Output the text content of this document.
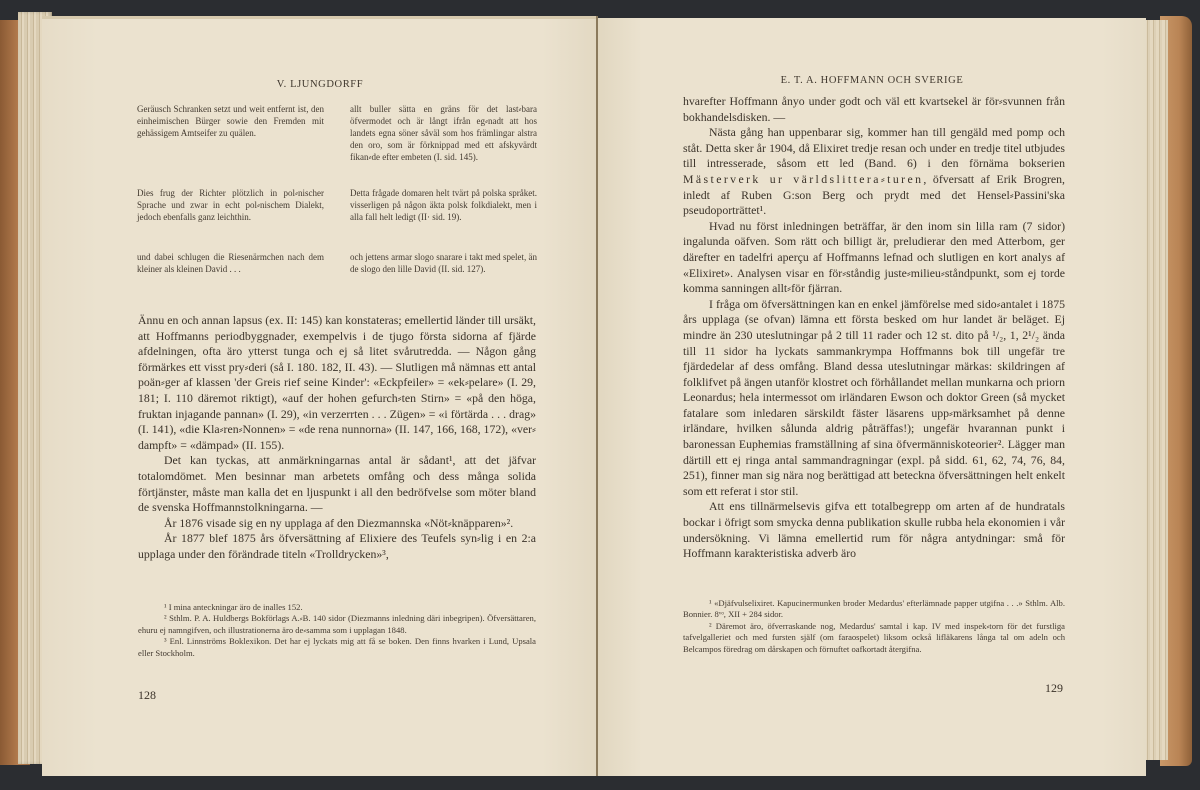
V. LJUNGDORFF
Geräusch Schranken setzt und weit entfernt ist, den einheimischen Bürger sowie den Fremden mit gehässigem Amtseifer zu quälen.
allt buller sätta en gräns för det last⸗bara öfvermodet och är långt ifrån eg⸗nadt att hos landets egna söner såväl som hos främlingar alstra den oro, som är förknippad med ett afskyvärdt fikan⸗de efter embeten (I. sid. 145).
Dies frug der Richter plötzlich in pol⸗nischer Sprache und zwar in echt pol⸗nischem Dialekt, jedoch ebenfalls ganz leichthin.
Detta frågade domaren helt tvärt på polska språket. visserligen på någon äkta polsk folkdialekt, men i alla fall helt ledigt (II· sid. 19).
und dabei schlugen die Riesenärmchen nach dem kleiner als kleinen David . . .
och jettens armar slogo snarare i takt med spelet, än de slogo den lille David (II. sid. 127).

Ännu en och annan lapsus (ex. II: 145) kan konstateras; emellertid länder till ursäkt, att Hoffmanns periodbyggnader, exempelvis i de tjugo första sidorna af fjärde afdelningen, ofta äro ytterst tunga och ej så litet svårutredda. — Någon gång förmärkes ett visst pry⸗deri (så I. 180. 182, II. 43). — Slutligen må nämnas ett antal poän⸗ger af klassen 'der Greis rief seine Kinder': «Eckpfeiler» = «ek⸗pelare» (I. 29, 181; I. 110 däremot riktigt), «auf der hohen gefurch⸗ten Stirn» = «på den höga, fruktan injagande pannan» (I. 29), «in verzerrten . . . Zügen» = «i förtärda . . . drag» (I. 141), «die Kla⸗ren⸗Nonnen» = «de rena nunnorna» (II. 147, 166, 168, 172), «ver⸗dampft» = «dämpad» (II. 155).

Det kan tyckas, att anmärkningarnas antal är sådant¹, att det jäfvar totalomdömet. Men besinnar man arbetets omfång och dess många solida förtjänster, måste man kalla det en ljuspunkt i all den bedröfvelse som möter bland de svenska Hoffmannstolkningarna. —

År 1876 visade sig en ny upplaga af den Diezmannska «Nöt⸗knäpparen»².

År 1877 blef 1875 års öfversättning af Elixiere des Teufels syn⸗lig i en 2:a upplaga under den förändrade titeln «Trolldrycken»³,

¹ I mina anteckningar äro de inalles 152.

² Sthlm. P. A. Huldbergs Bokförlags A.⸗B. 140 sidor (Diezmanns inledning däri inbegripen). Öfversättaren, ehuru ej namngifven, och illustrationerna äro de⸗samma som i upplagan 1848.

³ Enl. Linnströms Boklexikon. Det har ej lyckats mig att få se boken. Den finns hvarken i Lund, Upsala eller Stockholm.

128
E. T. A. HOFFMANN OCH SVERIGE

hvarefter Hoffmann ånyo under godt och väl ett kvartsekel är för⸗svunnen från bokhandelsdisken. —

Nästa gång han uppenbarar sig, kommer han till gengäld med pomp och ståt. Detta sker år 1904, då Elixiret tredje resan och under en tredje titel utbjudes till intresserade, såsom ett led (Band. 6) i den förnäma bokserien Mästerverk ur världslittera⸗turen, öfversatt af Erik Brogren, inledt af Ruben G:son Berg och prydt med det Hensel⸗Passini'ska pseudoporträttet¹.

Hvad nu först inledningen beträffar, är den inom sin lilla ram (7 sidor) ingalunda oäfven. Som rätt och billigt är, preludierar den med Atterbom, ger därefter en tadelfri aperçu af Hoffmanns lefnad och slutligen en kort analys af «Elixiret». Analysen visar en för⸗ståndig juste⸗milieu⸗ståndpunkt, som ej torde komma sanningen allt⸗för fjärran.

I fråga om öfversättningen kan en enkel jämförelse med sido⸗antalet i 1875 års upplaga (se ofvan) lämna ett första besked om hur landet är beläget. Ej mindre än 230 uteslutningar på 2 till 11 rader och 12 st. dito på ¹/₂, 1, 2¹/₂ ända till 11 sidor ha lyckats sammankrympa Hoffmanns bok till ungefär tre fjärdedelar af dess omfång. Bland dessa uteslutningar märkas: skildringen af folklifvet på ängen utanför klostret och förhållandet mellan munkarna och priorn Leonardus; hela intermessot om irländaren Ewson och doktor Green (så mycket fatalare som inledaren särskildt fäster läsarens upp⸗märksamhet på denne irländare, hvilken sålunda aldrig påträffas!); ungefär hvarannan punkt i baronessan Euphemias framställning af sina öfvermänniskoteorier². Lägger man därtill ett ej ringa antal sammandragningar (expl. på sidd. 61, 62, 74, 76, 84, 251), finner man sig nära nog berättigad att beteckna öfversättningen helt enkelt som ett referat i stor stil.

Att ens tillnärmelsevis gifva ett totalbegrepp om arten af de hundratals bockar i öfrigt som smycka denna publikation skulle rubba hela ekonomien i vår undersökning. Vi lämna emellertid rum för några antydningar: små för Hoffmann karakteristiska adverb äro

¹ «Djäfvulselixiret. Kapucinermunken broder Medardus' efterlämnade papper utgifna . . .» Sthlm. Alb. Bonnier. 8ᵛᵒ, XII + 284 sidor.

² Däremot äro, öfverraskande nog, Medardus' samtal i kap. IV med inspek⸗torn för det furstliga tafvelgalleriet och med fursten själf (om faraospelet) liksom också lifläkarens långa tal om adeln och Belcampos föredrag om dårskapen och förnuftet oafkortadt återgifna.

129
